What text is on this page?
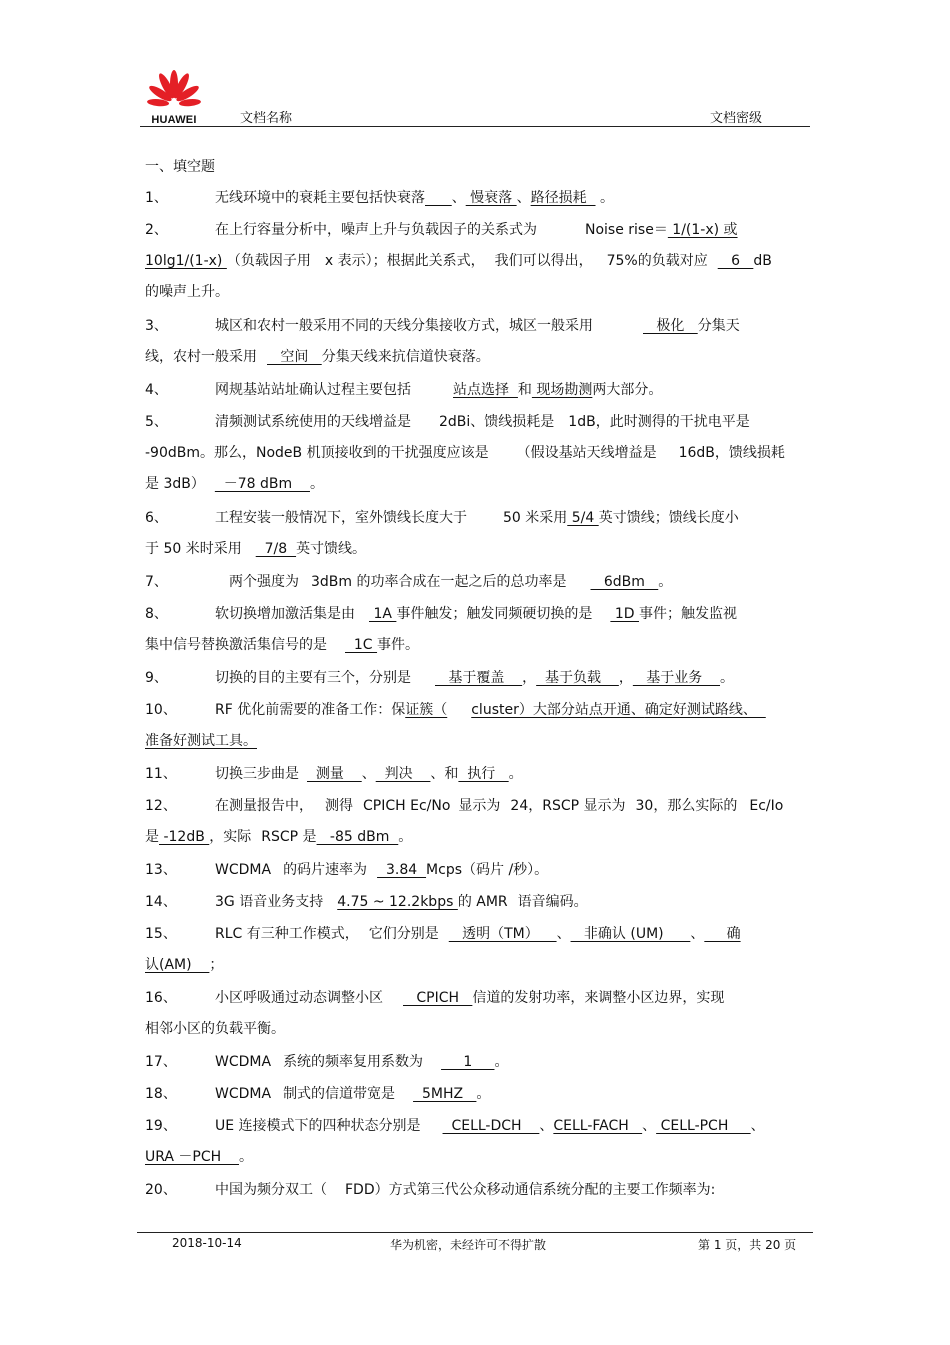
HUAWEI	文档名称	文档密级
一、填空题
1、	无线环境中的衰耗主要包括快衰落 、 慢衰落 、路径损耗   。
2、	在上行容量分析中，噪声上升与负载因子的关系式为	Noise rise＝ 1/(1-x) 或
10lg1/(1-x) （负载因子用 x 表示）；根据此关系式， 我们可以得出， 75%的负载对应   6   dB
的噪声上升。
3、	城区和农村一般采用不同的天线分集接收方式，城区一般采用	极化   分集天
线，农村一般采用   空间   分集天线来抗信道快衰落。
4、	网规基站站址确认过程主要包括	站点选择  和 现场勘测两大部分。
5、	清频测试系统使用的天线增益是 2dBi、馈线损耗是 1dB，此时测得的干扰电平是
-90dBm。那么，NodeB 机顶接收到的干扰强度应该是 （假设基站天线增益是 16dB，馈线损耗
是 3dB）  －78 dBm    。
6、	工程安装一般情况下，室外馈线长度大于	50 米采用 5/4 英寸馈线；馈线长度小
于 50 米时采用  7/8  英寸馈线。
7、	两个强度为 3dBm 的功率合成在一起之后的总功率是   6dBm   。
8、	软切换增加激活集是由 1A 事件触发；触发同频硬切换的是 1D 事件；触发监视
集中信号替换激活集信号的是  1C 事件。
9、	切换的目的主要有三个，分别是   基于覆盖    ，  基于负载    ，   基于业务    。
10、	RF 优化前需要的准备工作：保证簇（ cluster）大部分站点开通、确定好测试路线、
准备好测试工具。
11、	切换三步曲是  测量    、  判决    、和  执行   。
12、	在测量报告中， 测得 CPICH Ec/No 显示为 24，RSCP 显示为 30，那么实际的 Ec/Io
是 -12dB ，实际 RSCP 是   -85 dBm  。
13、	WCDMA 的码片速率为  3.84  Mcps（码片 /秒）。
14、	3G 语音业务支持 4.75 ~ 12.2kbps 的 AMR 语音编码。
15、	RLC 有三种工作模式， 它们分别是   透明（TM）    、   非确认 (UM)      、     确
认(AM)    ；
16、	小区呼吸通过动态调整小区   CPICH   信道的发射功率，来调整小区边界，实现
相邻小区的负载平衡。
17、	WCDMA 系统的频率复用系数为     1     。
18、	WCDMA 制式的信道带宽是  5MHZ   。
19、	UE 连接模式下的四种状态分别是  CELL-DCH    、CELL-FACH   、 CELL-PCH     、
URA －PCH    。
20、	中国为频分双工（ FDD）方式第三代公众移动通信系统分配的主要工作频率为:
2018-10-14	华为机密，未经许可不得扩散	第 1 页，共 20 页
